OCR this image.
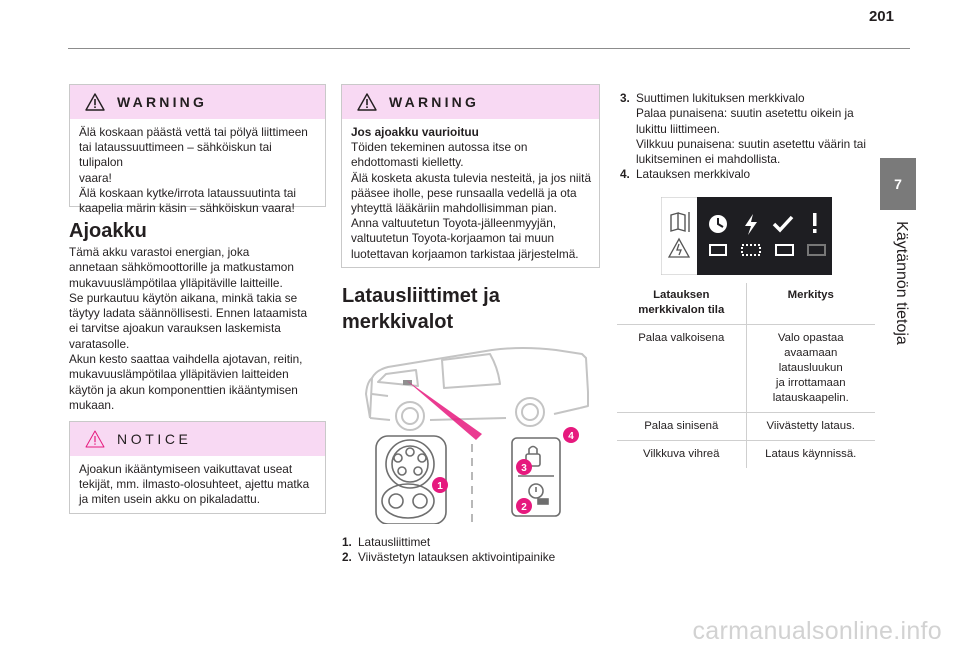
201
7
Käytännön tietoja
WARNING

Älä koskaan päästä vettä tai pölyä liittimeen

tai lataussuuttimeen – sähköiskun tai tulipalon

vaara!

Älä koskaan kytke/irrota lataussuutinta tai

kaapelia märin käsin – sähköiskun vaara!

Ajoakku

Tämä akku varastoi energian, joka

annetaan sähkömoottorille ja matkustamon

mukavuuslämpötilaa ylläpitäville laitteille.

Se purkautuu käytön aikana, minkä takia se

täytyy ladata säännöllisesti. Ennen lataamista

ei tarvitse ajoakun varauksen laskemista

varatasolle.

Akun kesto saattaa vaihdella ajotavan, reitin,

mukavuuslämpötilaa ylläpitävien laitteiden

käytön ja akun komponenttien ikääntymisen

mukaan.

NOTICE

Ajoakun ikääntymiseen vaikuttavat useat

tekijät, mm. ilmasto-olosuhteet, ajettu matka

ja miten usein akku on pikaladattu.

WARNING

Jos ajoakku vaurioituu

Töiden tekeminen autossa itse on

ehdottomasti kielletty.

Älä kosketa akusta tulevia nesteitä, ja jos niitä

pääsee iholle, pese runsaalla vedellä ja ota

yhteyttä lääkäriin mahdollisimman pian.

Anna valtuutetun Toyota-jälleenmyyjän,

valtuutetun Toyota-korjaamon tai muun

luotettavan korjaamon tarkistaa järjestelmä.

Latausliittimet ja
merkkivalot
1
2
3
4
1. Latausliittimet
2. Viivästetyn latauksen aktivointipainike
3. Suuttimen lukituksen merkkivalo
Palaa punaisena: suutin asetettu oikein ja
lukittu liittimeen.
Vilkkuu punaisena: suutin asetettu väärin tai
lukitseminen ei mahdollista.
4. Latauksen merkkivalo
Latauksen
merkkivalon tila	Merkitys
Palaa valkoisena	Valo opastaa
avaamaan
latausluukun
ja irrottamaan
latauskaapelin.
Palaa sinisenä	Viivästetty lataus.
Vilkkuva vihreä	Lataus käynnissä.
carmanualsonline.info
